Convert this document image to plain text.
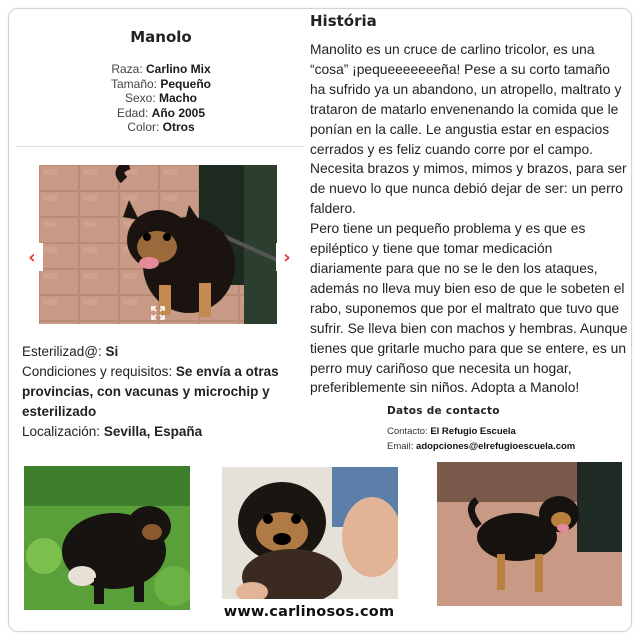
Manolo
Raza: Carlino Mix
Tamaño: Pequeño
Sexo: Macho
Edad: Año 2005
Color: Otros
‹	›
Esterilizad@: Si
Condiciones y requisitos: Se envía a otras provincias, con vacunas y microchip y esterilizado
Localización: Sevilla, España
História

Manolito es un cruce de carlino tricolor, es una “cosa” ¡pequeeeeeeeña! Pese a su corto tamaño ha sufrido ya un abandono, un atropello, maltrato y trataron de matarlo envenenando la comida que le ponían en la calle. Le angustia estar en espacios cerrados y es feliz cuando corre por el campo. Necesita brazos y mimos, mimos y brazos, para ser de nuevo lo que nunca debió dejar de ser: un perro faldero.

Pero tiene un pequeño problema y es que es epiléptico y tiene que tomar medicación diariamente para que no se le den los ataques, además no lleva muy bien eso de que le sobeten el rabo, suponemos que por el maltrato que tuvo que sufrir. Se lleva bien con machos y hembras. Aunque tienes que gritarle mucho para que se entere, es un perro muy cariñoso que necesita un hogar, preferiblemente sin niños. Adopta a Manolo!

Datos de contacto
Contacto: El Refugio Escuela
Email: adopciones@elrefugioescuela.com
www.carlinosos.com
